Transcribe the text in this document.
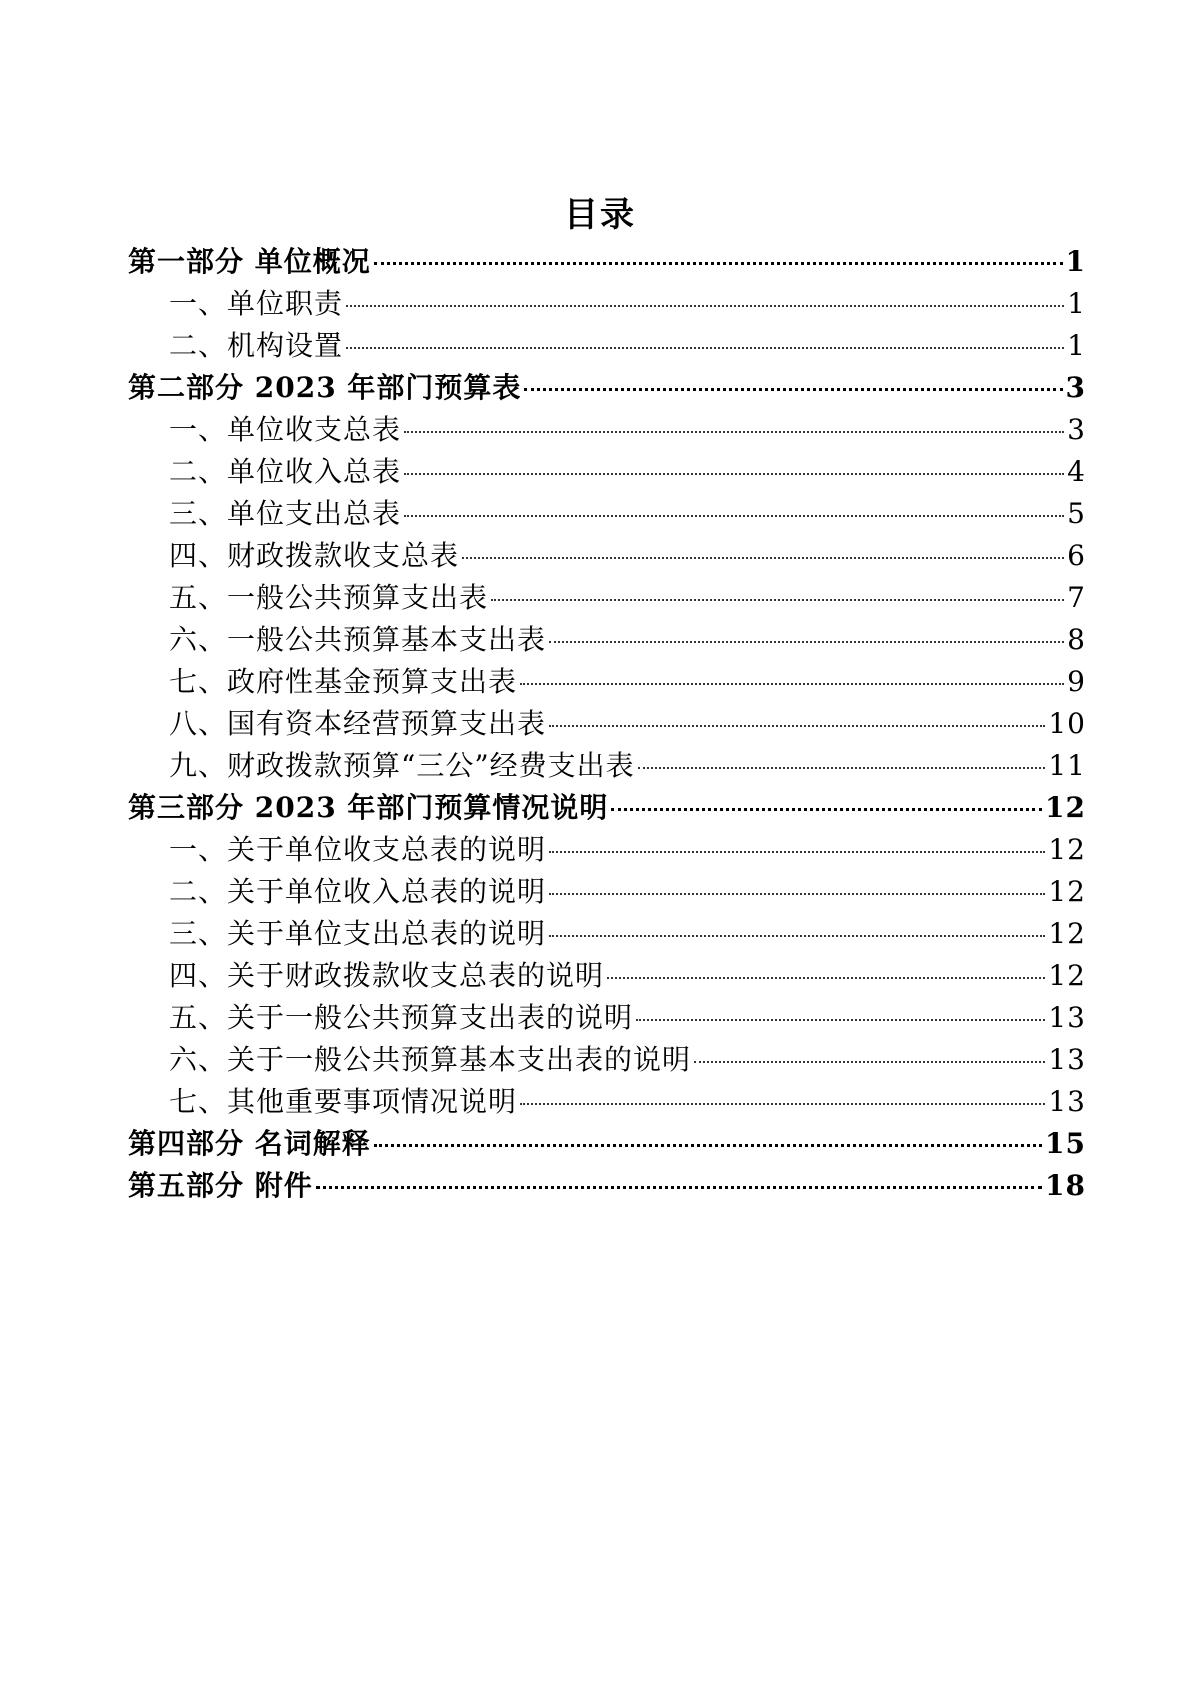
目录
第一部分 单位概况	1
一、单位职责	1
二、机构设置	1
第二部分 2023 年部门预算表	3
一、单位收支总表	3
二、单位收入总表	4
三、单位支出总表	5
四、财政拨款收支总表	6
五、一般公共预算支出表	7
六、一般公共预算基本支出表	8
七、政府性基金预算支出表	9
八、国有资本经营预算支出表	10
九、财政拨款预算“三公”经费支出表	11
第三部分 2023 年部门预算情况说明	12
一、关于单位收支总表的说明	12
二、关于单位收入总表的说明	12
三、关于单位支出总表的说明	12
四、关于财政拨款收支总表的说明	12
五、关于一般公共预算支出表的说明	13
六、关于一般公共预算基本支出表的说明	13
七、其他重要事项情况说明	13
第四部分 名词解释	15
第五部分 附件	18
